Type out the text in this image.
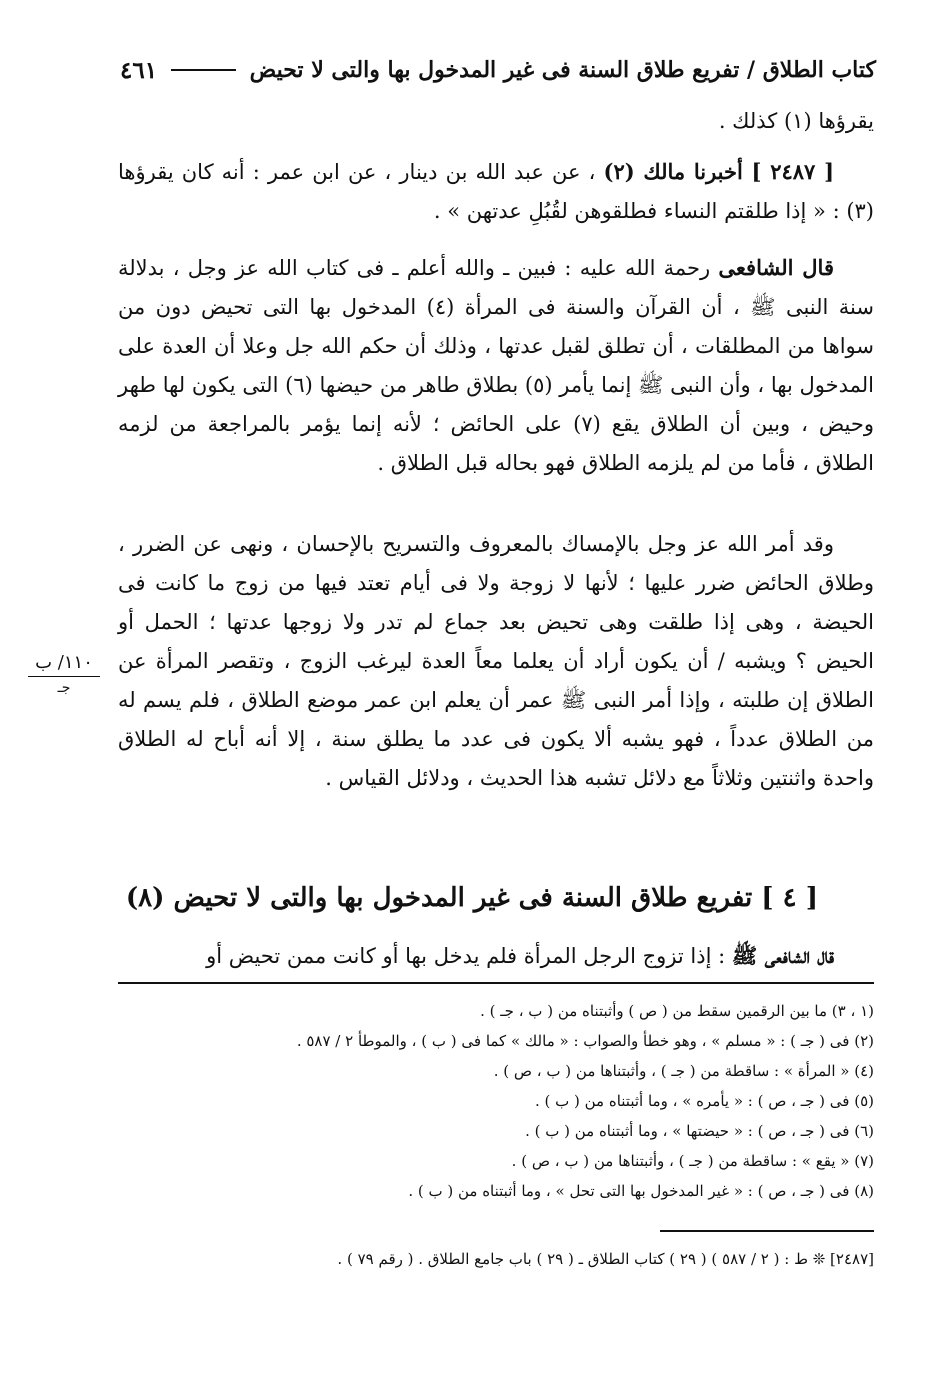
كتاب الطلاق / تفريع طلاق السنة فى غير المدخول بها والتى لا تحيض
٤٦١

يقرؤها (١) كذلك .

[ ٢٤٨٧ ] أخبرنا مالك (٢) ، عن عبد الله بن دينار ، عن ابن عمر : أنه كان يقرؤها (٣) : « إذا طلقتم النساء فطلقوهن لقُبُلِ عدتهن » .

قال الشافعى رحمة الله عليه : فبين ـ والله أعلم ـ فى كتاب الله عز وجل ، بدلالة سنة النبى ﷺ ، أن القرآن والسنة فى المرأة (٤) المدخول بها التى تحيض دون من سواها من المطلقات ، أن تطلق لقبل عدتها ، وذلك أن حكم الله جل وعلا أن العدة على المدخول بها ، وأن النبى ﷺ إنما يأمر (٥) بطلاق طاهر من حيضها (٦) التى يكون لها طهر وحيض ، وبين أن الطلاق يقع (٧) على الحائض ؛ لأنه إنما يؤمر بالمراجعة من لزمه الطلاق ، فأما من لم يلزمه الطلاق فهو بحاله قبل الطلاق .

وقد أمر الله عز وجل بالإمساك بالمعروف والتسريح بالإحسان ، ونهى عن الضرر ، وطلاق الحائض ضرر عليها ؛ لأنها لا زوجة ولا فى أيام تعتد فيها من زوج ما كانت فى الحيضة ، وهى إذا طلقت وهى تحيض بعد جماع لم تدر ولا زوجها عدتها ؛ الحمل أو الحيض ؟ ويشبه / أن يكون أراد أن يعلما معاً العدة ليرغب الزوج ، وتقصر المرأة عن الطلاق إن طلبته ، وإذا أمر النبى ﷺ عمر أن يعلم ابن عمر موضع الطلاق ، فلم يسم له من الطلاق عدداً ، فهو يشبه ألا يكون فى عدد ما يطلق سنة ، إلا أنه أباح له الطلاق واحدة واثنتين وثلاثاً مع دلائل تشبه هذا الحديث ، ودلائل القياس .

١١٠/ ب
جـ
[ ٤ ] تفريع طلاق السنة فى غير المدخول بها والتى لا تحيض (٨)

قال الشافعى ﷺ : إذا تزوج الرجل المرأة فلم يدخل بها أو كانت ممن تحيض أو

(١ ، ٣) ما بين الرقمين سقط من ( ص ) وأثبتناه من ( ب ، جـ ) .
(٢) فى ( جـ ) : « مسلم » ، وهو خطأ والصواب : « مالك » كما فى ( ب ) ، والموطأ ٢ / ٥٨٧ .
(٤) « المرأة » : ساقطة من ( جـ ) ، وأثبتناها من ( ب ، ص ) .
(٥) فى ( جـ ، ص ) : « يأمره » ، وما أثبتناه من ( ب ) .
(٦) فى ( جـ ، ص ) : « حيضتها » ، وما أثبتناه من ( ب ) .
(٧) « يقع » : ساقطة من ( جـ ) ، وأثبتناها من ( ب ، ص ) .
(٨) فى ( جـ ، ص ) : « غير المدخول بها التى تحل » ، وما أثبتناه من ( ب ) .
[٢٤٨٧] ❊ ط : ( ٢ / ٥٨٧ ) ( ٢٩ ) كتاب الطلاق ـ ( ٢٩ ) باب جامع الطلاق . ( رقم ٧٩ ) .
